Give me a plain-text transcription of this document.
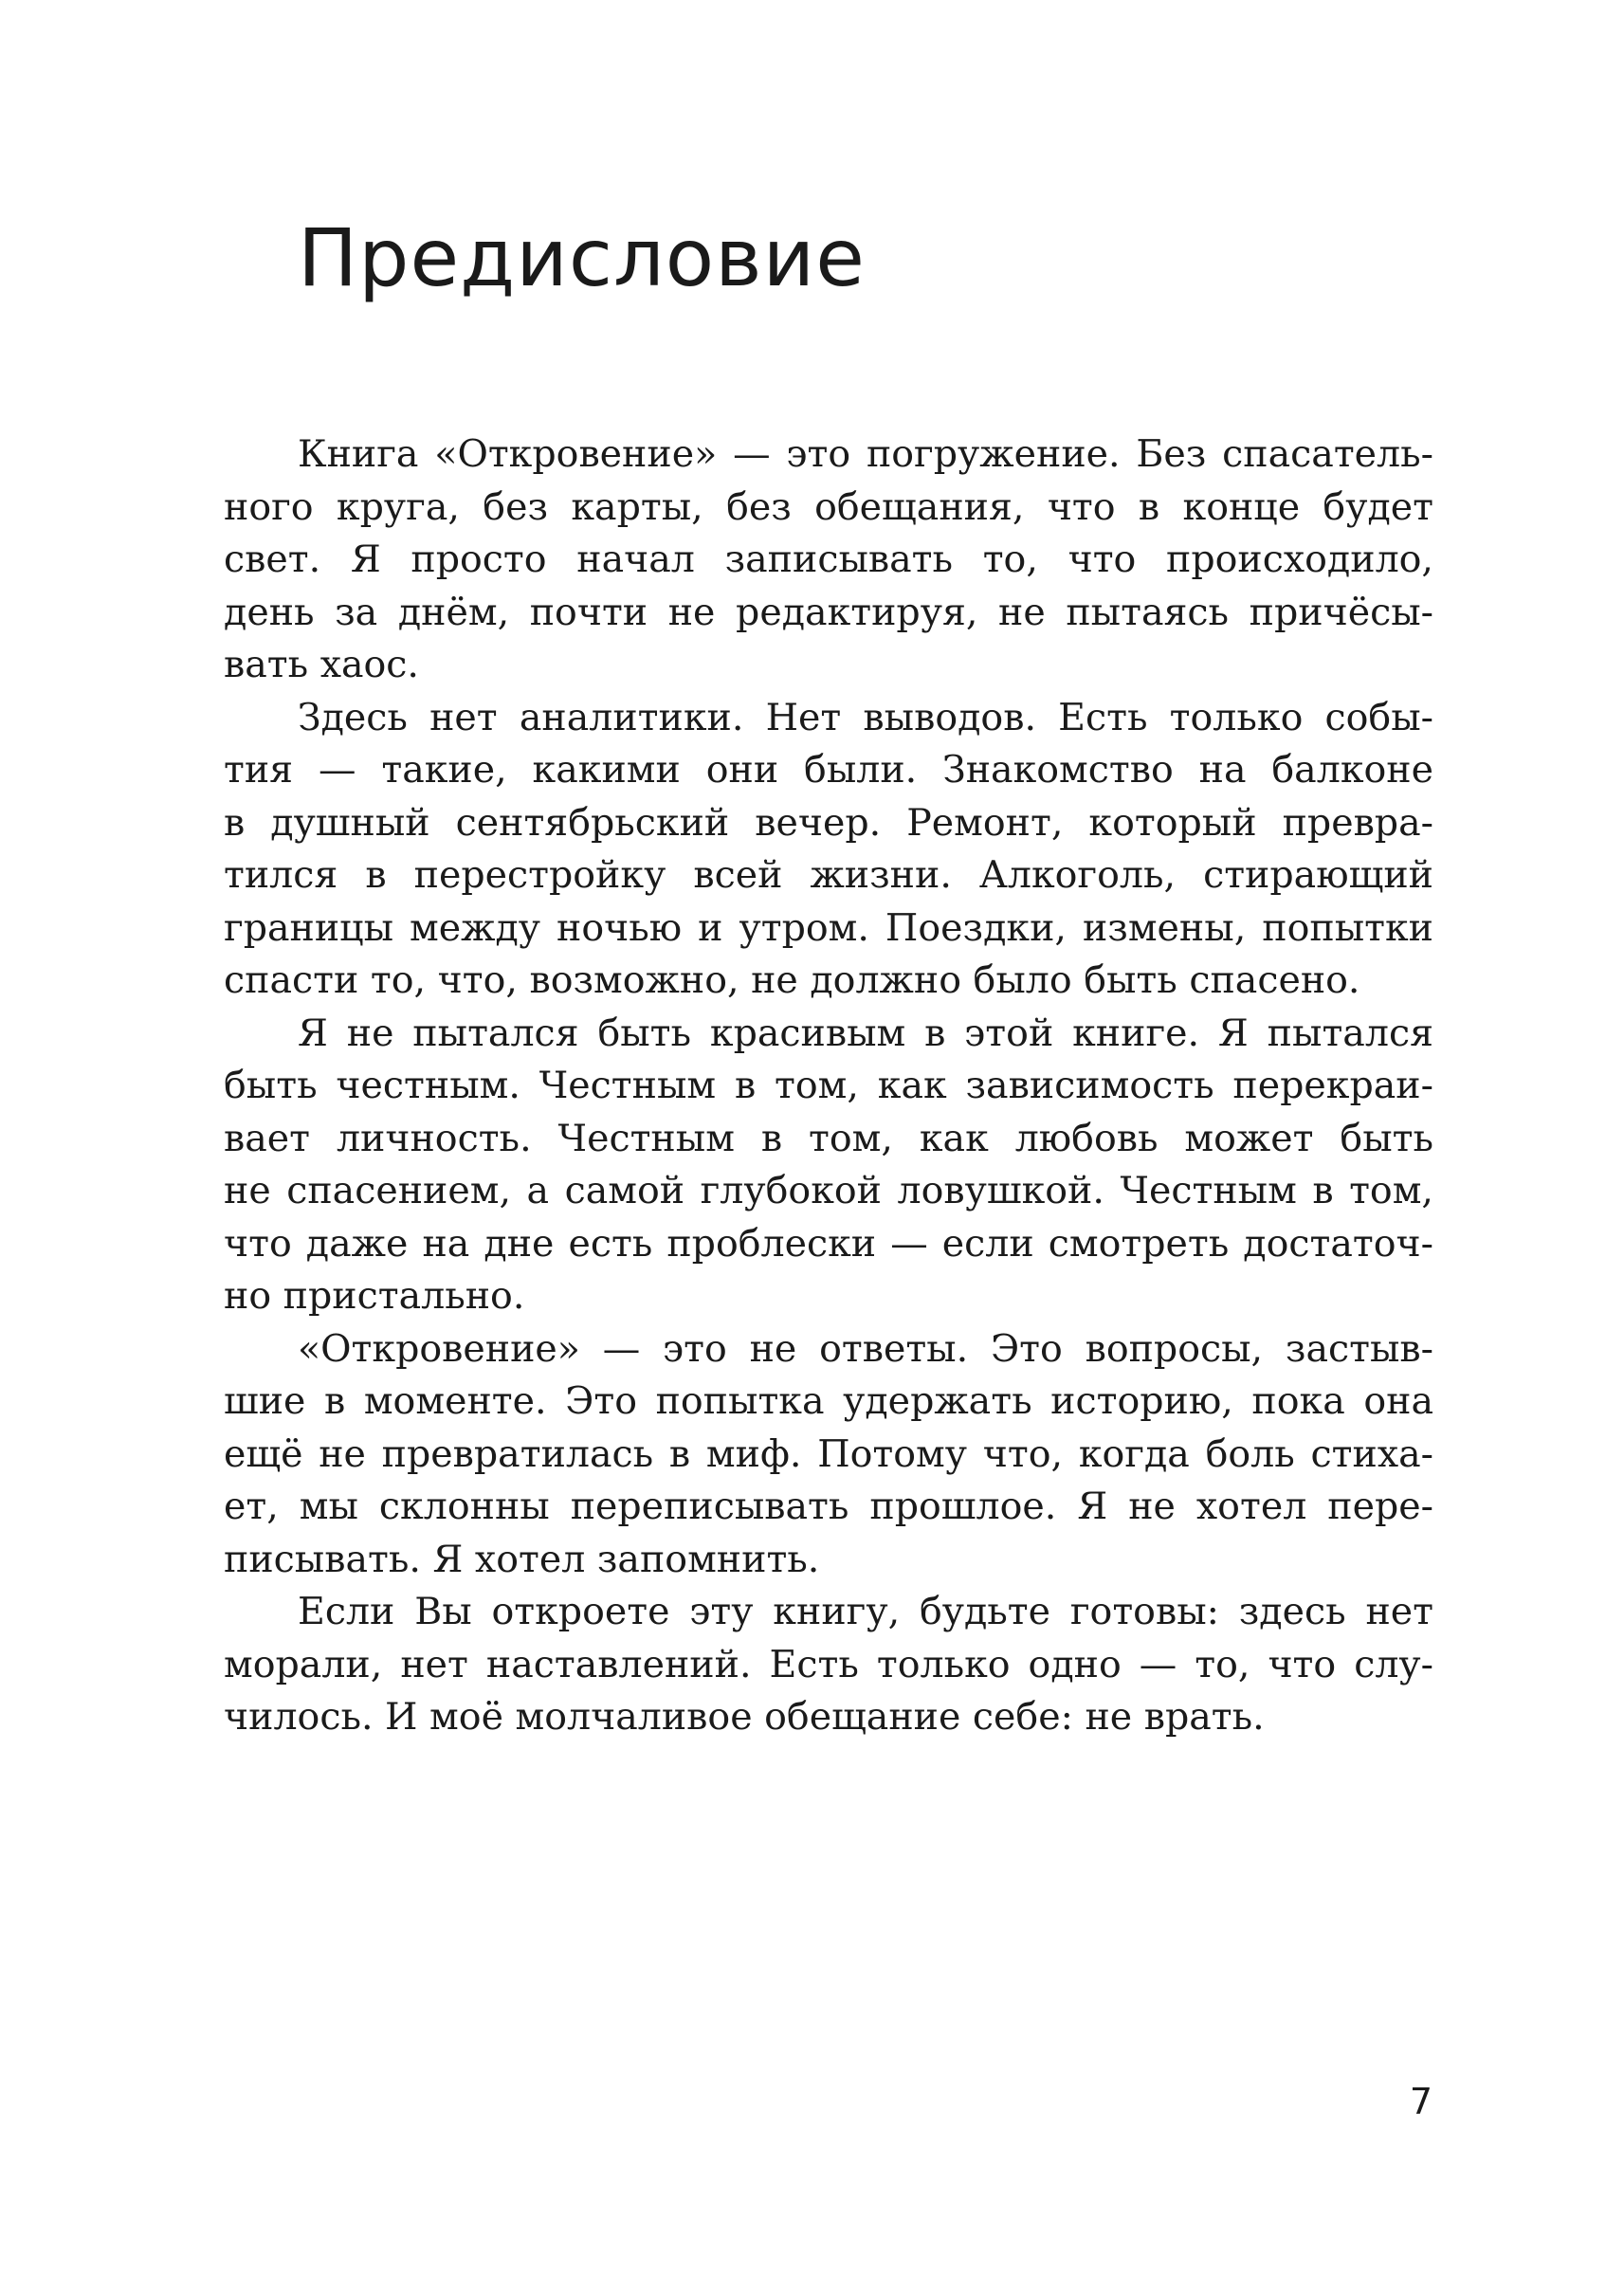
Предисловие
Книга «Откровение» — это погружение. Без спасатель-
ного круга, без карты, без обещания, что в конце будет
свет. Я просто начал записывать то, что происходило,
день за днём, почти не редактируя, не пытаясь причёсы-
вать хаос.
Здесь нет аналитики. Нет выводов. Есть только собы-
тия — такие, какими они были. Знакомство на балконе
в душный сентябрьский вечер. Ремонт, который превра-
тился в перестройку всей жизни. Алкоголь, стирающий
границы между ночью и утром. Поездки, измены, попытки
спасти то, что, возможно, не должно было быть спасено.
Я не пытался быть красивым в этой книге. Я пытался
быть честным. Честным в том, как зависимость перекраи-
вает личность. Честным в том, как любовь может быть
не спасением, а самой глубокой ловушкой. Честным в том,
что даже на дне есть проблески — если смотреть достаточ-
но пристально.
«Откровение» — это не ответы. Это вопросы, застыв-
шие в моменте. Это попытка удержать историю, пока она
ещё не превратилась в миф. Потому что, когда боль стиха-
ет, мы склонны переписывать прошлое. Я не хотел пере-
писывать. Я хотел запомнить.
Если Вы откроете эту книгу, будьте готовы: здесь нет
морали, нет наставлений. Есть только одно — то, что слу-
чилось. И моё молчаливое обещание себе: не врать.
7
